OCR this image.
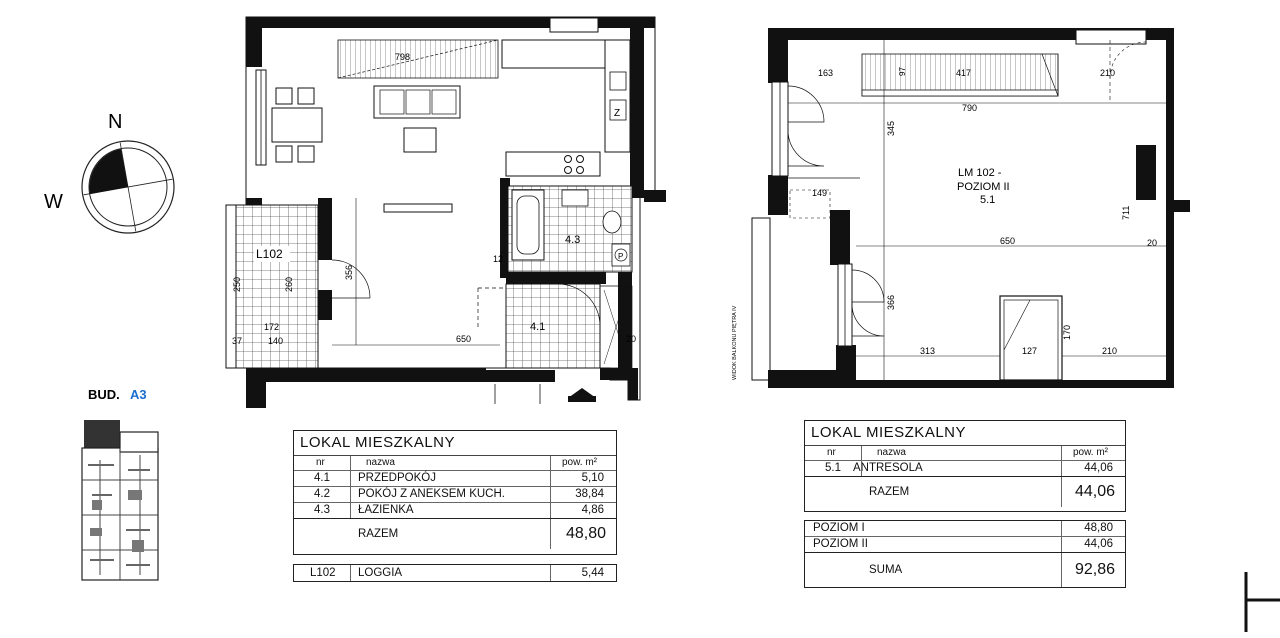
N
W
798
Z
P
4.3
4.1
L102
172
140
37
250	260
650
356
12
20
417
97
WIDOK BALKONU PIĘTRA IV
LM 102 -
POZIOM II
5.1
163	210
790
345
149
711
650	20
366
313	127	210
170
BUD. A3
LOKAL MIESZKALNY
nr	nazwa	pow. m²
4.1 PRZEDPOKÓJ	5,10
4.2 POKÓJ Z ANEKSEM KUCH.	38,84
4.3 ŁAZIENKA	4,86
RAZEM	48,80
L102 LOGGIA	5,44
LOKAL MIESZKALNY
nr	nazwa	pow. m²
5.1 ANTRESOLA	44,06
RAZEM	44,06
POZIOM I	48,80
POZIOM II	44,06
SUMA	92,86
